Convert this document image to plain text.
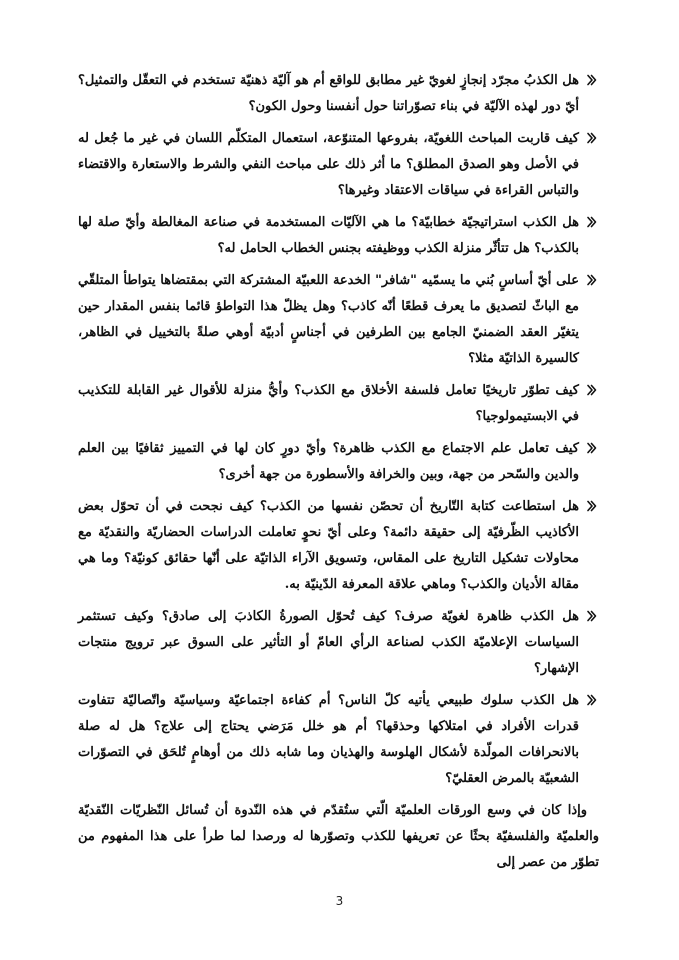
هل الكذبُ مجرّد إنجازٍ لغويّ غير مطابق للواقع أم هو آليّة ذهنيّة تستخدم في التعقّل والتمثيل؟ أيّ دور لهذه الآليّة في بناء تصوّراتنا حول أنفسنا وحول الكون؟
كيف قاربت المباحث اللغويّة، بفروعها المتنوّعة، استعمال المتكلّم اللسان في غير ما جُعل له في الأصل وهو الصدق المطلق؟ ما أثر ذلك على مباحث النفي والشرط والاستعارة والاقتضاء والتباس القراءة في سياقات الاعتقاد وغيرها؟
هل الكذب استراتيجيّة خطابيّة؟ ما هي الآليّات المستخدمة في صناعة المغالطة وأيّ صلة لها بالكذب؟ هل تتأثّر منزلة الكذب ووظيفته بجنس الخطاب الحامل له؟
على أيّ أساسٍ بُني ما يسمّيه "شافر" الخدعة اللعبيّة المشتركة التي بمقتضاها يتواطأ المتلقّي مع الباثّ لتصديق ما يعرف قطعًا أنّه كاذب؟ وهل يظلّ هذا التواطؤ قائما بنفس المقدار حين يتغيّر العقد الضمنيّ الجامع بين الطرفين في أجناسٍ أدبيّة أوهي صلةً بالتخييل في الظاهر، كالسيرة الذاتيّة مثلا؟
كيف تطوّر تاريخيًا تعامل فلسفة الأخلاق مع الكذب؟ وأيُّ منزلة للأقوال غير القابلة للتكذيب في الابستيمولوجيا؟
كيف تعامل علم الاجتماع مع الكذب ظاهرة؟ وأيّ دورٍ كان لها في التمييز ثقافيًا بين العلم والدين والسّحر من جهة، وبين والخرافة والأسطورة من جهة أخرى؟
هل استطاعت كتابة التّاريخ أن تحصّن نفسها من الكذب؟ كيف نجحت في أن تحوّل بعض الأكاذيب الظّرفيّة إلى حقيقة دائمة؟ وعلى أيّ نحوٍ تعاملت الدراسات الحضاريّة والنقديّة مع محاولات تشكيل التاريخ على المقاس، وتسويق الآراء الذاتيّة على أنّها حقائق كونيّة؟ وما هي مقالة الأديان والكذب؟ وماهي علاقة المعرفة الدّينيّة به.
هل الكذب ظاهرة لغويّة صرف؟ كيف تُحوّل الصورةُ الكاذبَ إلى صادق؟ وكيف تستثمر السياسات الإعلاميّة الكذب لصناعة الرأي العامّ أو التأثير على السوق عبر ترويج منتجات الإشهار؟
هل الكذب سلوك طبيعي يأتيه كلّ الناس؟ أم كفاءة اجتماعيّة وسياسيّة واتّصاليّة تتفاوت قدرات الأفراد في امتلاكها وحذقها؟ أم هو خلل مَرَضي يحتاج إلى علاج؟ هل له صلة بالانحرافات المولّدة لأشكال الهلوسة والهذيان وما شابه ذلك من أوهامٍ تُلحَق في التصوّرات الشعبيّة بالمرض العقليّ؟

وإذا كان في وسع الورقات العلميّة الّتي ستُقدّم في هذه النّدوة أن تُسائل النّظريّات النّقديّة والعلميّة والفلسفيّة بحثًا عن تعريفها للكذب وتصوّرها له ورصدا لما طرأ على هذا المفهوم من تطوّر من عصر إلى

3
